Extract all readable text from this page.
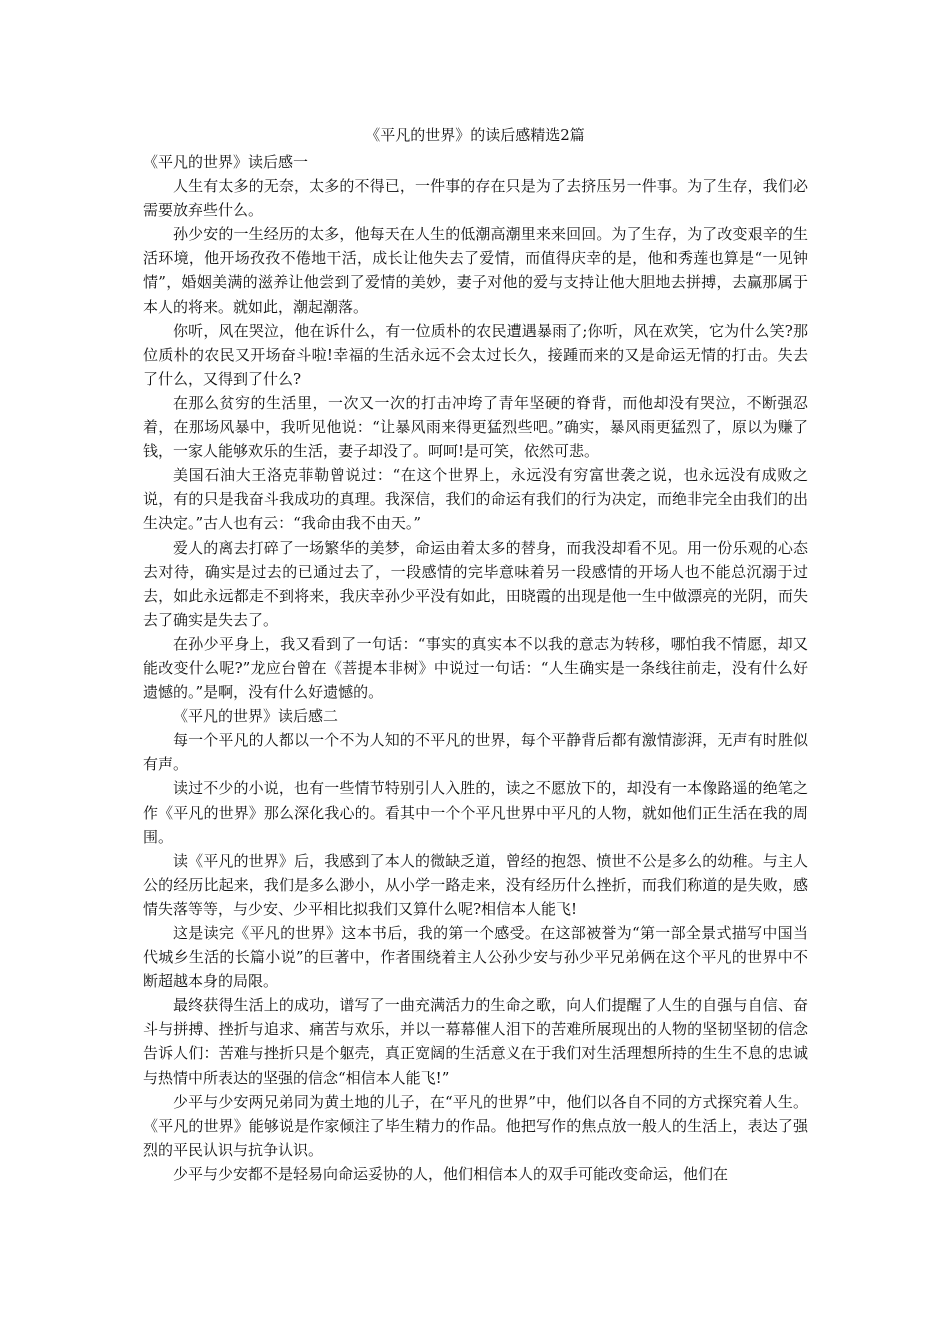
《平凡的世界》的读后感精选2篇

《平凡的世界》读后感一

人生有太多的无奈，太多的不得已，一件事的存在只是为了去挤压另一件事。为了生存，我们必需要放弃些什么。

孙少安的一生经历的太多，他每天在人生的低潮高潮里来来回回。为了生存，为了改变艰辛的生活环境，他开场孜孜不倦地干活，成长让他失去了爱情，而值得庆幸的是，他和秀莲也算是“一见钟情”，婚姻美满的滋养让他尝到了爱情的美妙，妻子对他的爱与支持让他大胆地去拼搏，去赢那属于本人的将来。就如此，潮起潮落。

你听，风在哭泣，他在诉什么，有一位质朴的农民遭遇暴雨了;你听，风在欢笑，它为什么笑?那位质朴的农民又开场奋斗啦!幸福的生活永远不会太过长久，接踵而来的又是命运无情的打击。失去了什么，又得到了什么?

在那么贫穷的生活里，一次又一次的打击冲垮了青年坚硬的脊背，而他却没有哭泣，不断强忍着，在那场风暴中，我听见他说：“让暴风雨来得更猛烈些吧。”确实，暴风雨更猛烈了，原以为赚了钱，一家人能够欢乐的生活，妻子却没了。呵呵!是可笑，依然可悲。

美国石油大王洛克菲勒曾说过：“在这个世界上，永远没有穷富世袭之说，也永远没有成败之说，有的只是我奋斗我成功的真理。我深信，我们的命运有我们的行为决定，而绝非完全由我们的出生决定。”古人也有云：“我命由我不由天。”

爱人的离去打碎了一场繁华的美梦，命运由着太多的替身，而我没却看不见。用一份乐观的心态去对待，确实是过去的已通过去了，一段感情的完毕意味着另一段感情的开场人也不能总沉溺于过去，如此永远都走不到将来，我庆幸孙少平没有如此，田晓霞的出现是他一生中做漂亮的光阴，而失去了确实是失去了。

在孙少平身上，我又看到了一句话：“事实的真实本不以我的意志为转移，哪怕我不情愿，却又能改变什么呢?”龙应台曾在《菩提本非树》中说过一句话：“人生确实是一条线往前走，没有什么好遗憾的。”是啊，没有什么好遗憾的。

《平凡的世界》读后感二

每一个平凡的人都以一个不为人知的不平凡的世界，每个平静背后都有激情澎湃，无声有时胜似有声。

读过不少的小说，也有一些情节特别引人入胜的，读之不愿放下的，却没有一本像路遥的绝笔之作《平凡的世界》那么深化我心的。看其中一个个平凡世界中平凡的人物，就如他们正生活在我的周围。

读《平凡的世界》后，我感到了本人的微缺乏道，曾经的抱怨、愤世不公是多么的幼稚。与主人公的经历比起来，我们是多么渺小，从小学一路走来，没有经历什么挫折，而我们称道的是失败，感情失落等等，与少安、少平相比拟我们又算什么呢?相信本人能飞!

这是读完《平凡的世界》这本书后，我的第一个感受。在这部被誉为“第一部全景式描写中国当代城乡生活的长篇小说”的巨著中，作者围绕着主人公孙少安与孙少平兄弟俩在这个平凡的世界中不断超越本身的局限。

最终获得生活上的成功，谱写了一曲充满活力的生命之歌，向人们提醒了人生的自强与自信、奋斗与拼搏、挫折与追求、痛苦与欢乐，并以一幕幕催人泪下的苦难所展现出的人物的坚韧坚韧的信念告诉人们：苦难与挫折只是个躯壳，真正宽阔的生活意义在于我们对生活理想所持的生生不息的忠诚与热情中所表达的坚强的信念“相信本人能飞!”

少平与少安两兄弟同为黄土地的儿子，在“平凡的世界”中，他们以各自不同的方式探究着人生。《平凡的世界》能够说是作家倾注了毕生精力的作品。他把写作的焦点放一般人的生活上，表达了强烈的平民认识与抗争认识。

少平与少安都不是轻易向命运妥协的人，他们相信本人的双手可能改变命运，他们在
